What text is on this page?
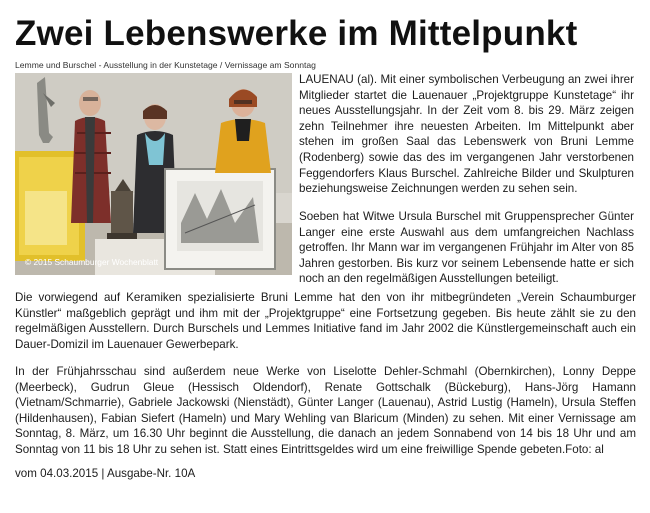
Zwei Lebenswerke im Mittelpunkt
Lemme und Burschel - Ausstellung in der Kunstetage / Vernissage am Sonntag
© 2015 Schaumburger Wochenblatt

LAUENAU (al). Mit einer symbolischen Verbeugung an zwei ihrer Mitglieder startet die Lauenauer „Projektgruppe Kunstetage“ ihr neues Ausstellungsjahr. In der Zeit vom 8. bis 29. März zeigen zehn Teilnehmer ihre neuesten Arbeiten. Im Mittelpunkt aber stehen im großen Saal das Lebenswerk von Bruni Lemme (Rodenberg) sowie das des im vergangenen Jahr verstorbenen Feggendorfers Klaus Burschel. Zahlreiche Bilder und Skulpturen beziehungsweise Zeichnungen werden zu sehen sein.

Soeben hat Witwe Ursula Burschel mit Gruppensprecher Günter Langer eine erste Auswahl aus dem umfangreichen Nachlass getroffen. Ihr Mann war im vergangenen Frühjahr im Alter von 85 Jahren gestorben. Bis kurz vor seinem Lebensende hatte er sich noch an den regelmäßigen Ausstellungen beteiligt.

Die vorwiegend auf Keramiken spezialisierte Bruni Lemme hat den von ihr mitbegründeten „Verein Schaumburger Künstler“ maßgeblich geprägt und ihm mit der „Projektgruppe“ eine Fortsetzung gegeben. Bis heute zählt sie zu den regelmäßigen Ausstellern. Durch Burschels und Lemmes Initiative fand im Jahr 2002 die Künstlergemeinschaft auch ein Dauer-Domizil im Lauenauer Gewerbepark.

In der Frühjahrsschau sind außerdem neue Werke von Liselotte Dehler-Schmahl (Obernkirchen), Lonny Deppe (Meerbeck), Gudrun Gleue (Hessisch Oldendorf), Renate Gottschalk (Bückeburg), Hans-Jörg Hamann (Vietnam/Schmarrie), Gabriele Jackowski (Nienstädt), Günter Langer (Lauenau), Astrid Lustig (Hameln), Ursula Steffen (Hildenhausen), Fabian Siefert (Hameln) und Mary Wehling van Blaricum (Minden) zu sehen. Mit einer Vernissage am Sonntag, 8. März, um 16.30 Uhr beginnt die Ausstellung, die danach an jedem Sonnabend von 14 bis 18 Uhr und am Sonntag von 11 bis 18 Uhr zu sehen ist. Statt eines Eintrittsgeldes wird um eine freiwillige Spende gebeten.Foto: al

vom 04.03.2015 | Ausgabe-Nr. 10A
